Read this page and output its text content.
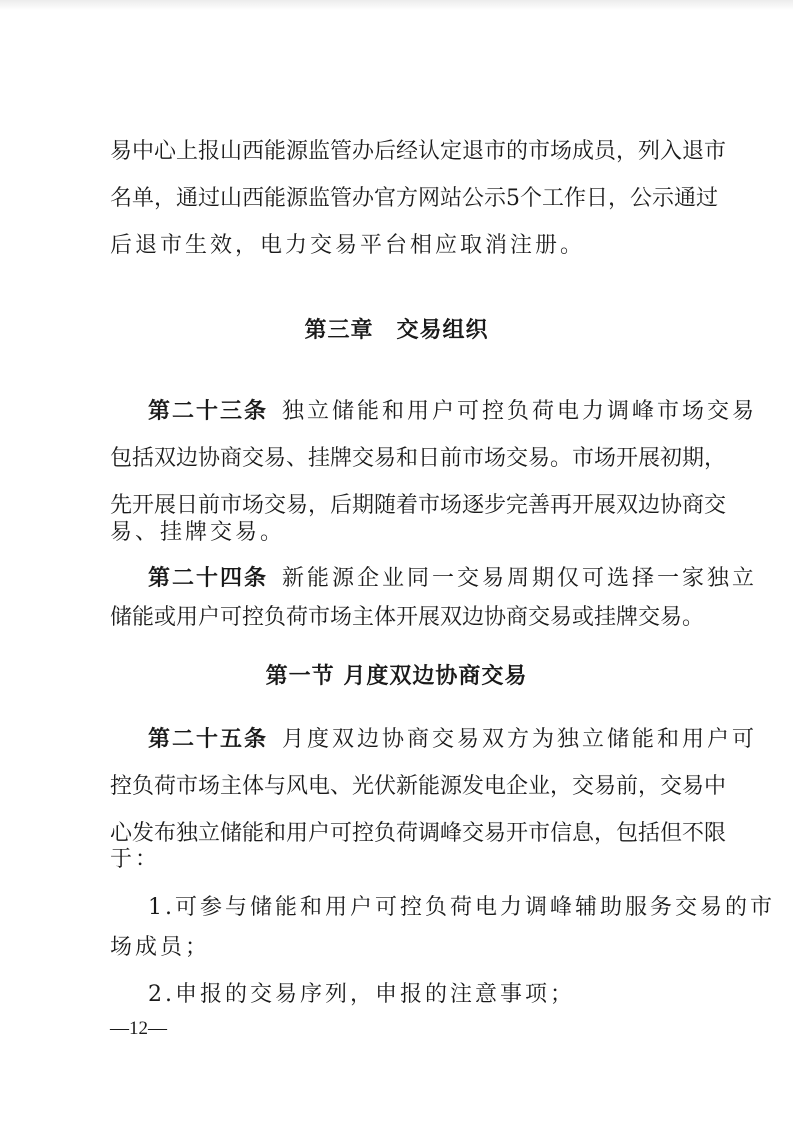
易中心上报山西能源监管办后经认定退市的市场成员，列入退市
名单，通过山西能源监管办官方网站公示5个工作日，公示通过
后退市生效，电力交易平台相应取消注册。
第三章　交易组织
第二十三条 独立储能和用户可控负荷电力调峰市场交易
包括双边协商交易、挂牌交易和日前市场交易。市场开展初期，
先开展日前市场交易，后期随着市场逐步完善再开展双边协商交
易、挂牌交易。
第二十四条 新能源企业同一交易周期仅可选择一家独立
储能或用户可控负荷市场主体开展双边协商交易或挂牌交易。
第一节 月度双边协商交易
第二十五条 月度双边协商交易双方为独立储能和用户可
控负荷市场主体与风电、光伏新能源发电企业，交易前，交易中
心发布独立储能和用户可控负荷调峰交易开市信息，包括但不限
于：
1.可参与储能和用户可控负荷电力调峰辅助服务交易的市
场成员；
2.申报的交易序列，申报的注意事项；
—12—
